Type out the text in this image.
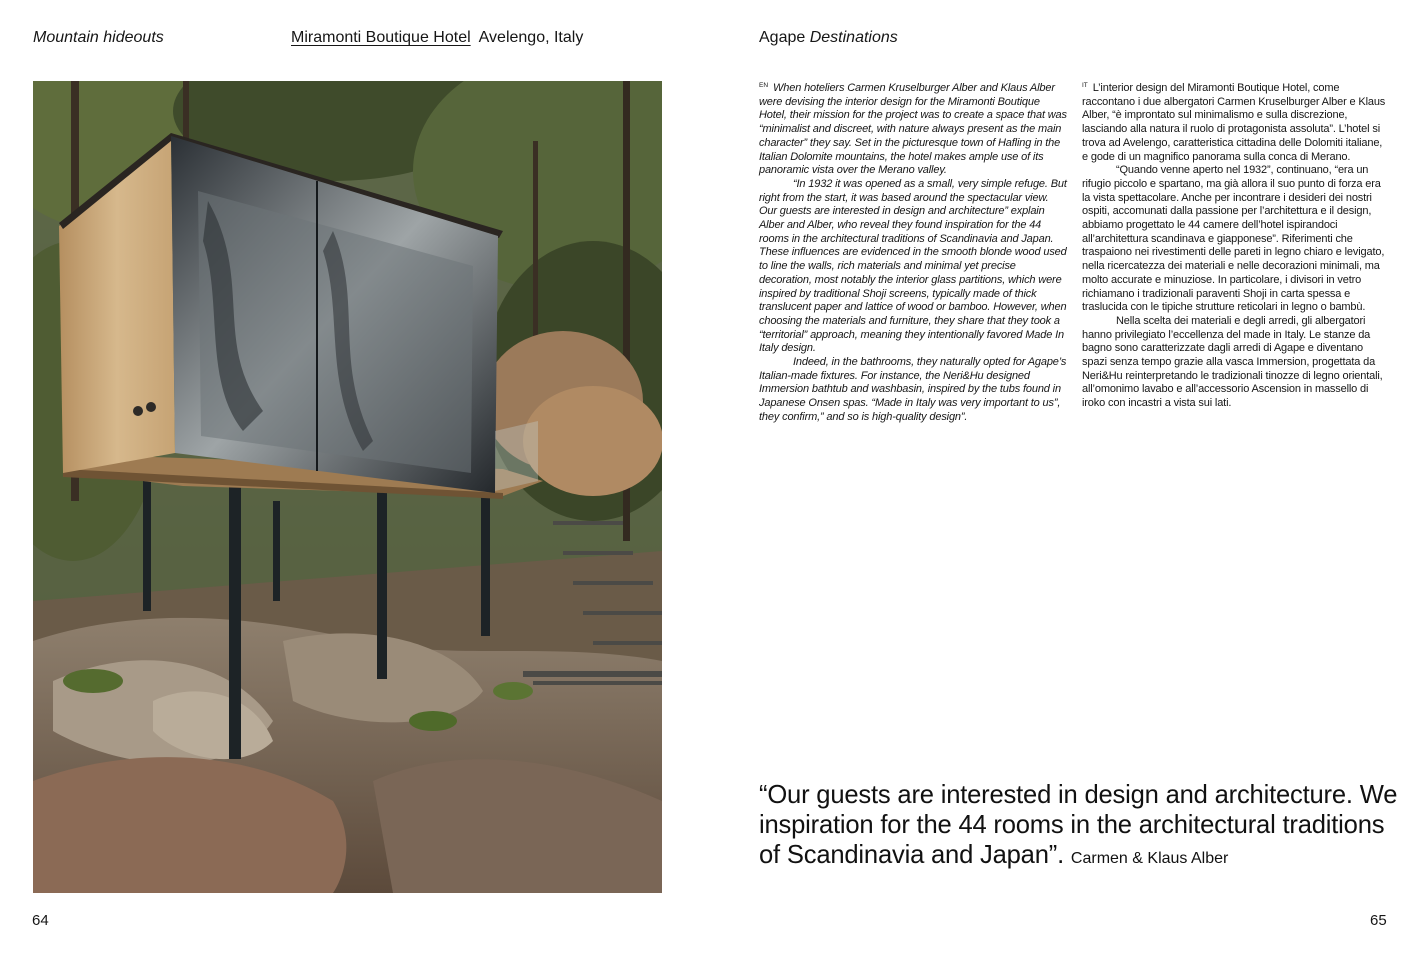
Mountain hideouts	Miramonti Boutique Hotel Avelengo, Italy	Agape Destinations

$^{EN}$ When hoteliers Carmen Kruselburger Alber and Klaus Alber were devising the interior design for the Miramonti Boutique Hotel, their mission for the project was to create a space that was “minimalist and discreet, with nature always present as the main character” they say. Set in the picturesque town of Hafling in the Italian Dolomite mountains, the hotel makes ample use of its panoramic vista over the Merano valley.

“In 1932 it was opened as a small, very simple refuge. But right from the start, it was based around the spectacular view. Our guests are interested in design and architecture” explain Alber and Alber, who reveal they found inspiration for the 44 rooms in the architectural traditions of Scandinavia and Japan. These influences are evidenced in the smooth blonde wood used to line the walls, rich materials and minimal yet precise decoration, most notably the interior glass partitions, which were inspired by traditional Shoji screens, typically made of thick translucent paper and lattice of wood or bamboo. However, when choosing the materials and furniture, they share that they took a “territorial” approach, meaning they intentionally favored Made In Italy design.

Indeed, in the bathrooms, they naturally opted for Agape’s Italian-made fixtures. For instance, the Neri&Hu designed Immersion bathtub and washbasin, inspired by the tubs found in Japanese Onsen spas. “Made in Italy was very important to us”, they confirm,” and so is high-quality design”.

$^{IT}$ L’interior design del Miramonti Boutique Hotel, come raccontano i due albergatori Carmen Kruselburger Alber e Klaus Alber, “è improntato sul minimalismo e sulla discrezione, lasciando alla natura il ruolo di protagonista assoluta”. L’hotel si trova ad Avelengo, caratteristica cittadina delle Dolomiti italiane, e gode di un magnifico panorama sulla conca di Merano.

“Quando venne aperto nel 1932”, continuano, “era un rifugio piccolo e spartano, ma già allora il suo punto di forza era la vista spettacolare. Anche per incontrare i desideri dei nostri ospiti, accomunati dalla passione per l’architettura e il design, abbiamo progettato le 44 camere dell’hotel ispirandoci all’architettura scandinava e giapponese”. Riferimenti che traspaiono nei rivestimenti delle pareti in legno chiaro e levigato, nella ricercatezza dei materiali e nelle decorazioni minimali, ma molto accurate e minuziose. In particolare, i divisori in vetro richiamano i tradizionali paraventi Shoji in carta spessa e traslucida con le tipiche strutture reticolari in legno o bambù.

Nella scelta dei materiali e degli arredi, gli albergatori hanno privilegiato l’eccellenza del made in Italy. Le stanze da bagno sono caratterizzate dagli arredi di Agape e diventano spazi senza tempo grazie alla vasca Immersion, progettata da Neri&Hu reinterpretando le tradizionali tinozze di legno orientali, all’omonimo lavabo e all’accessorio Ascension in massello di iroko con incastri a vista sui lati.

“Our guests are interested in design and architecture. We inspiration for the 44 rooms in the architectural traditions of Scandinavia and Japan”. Carmen & Klaus Alber
64	65
